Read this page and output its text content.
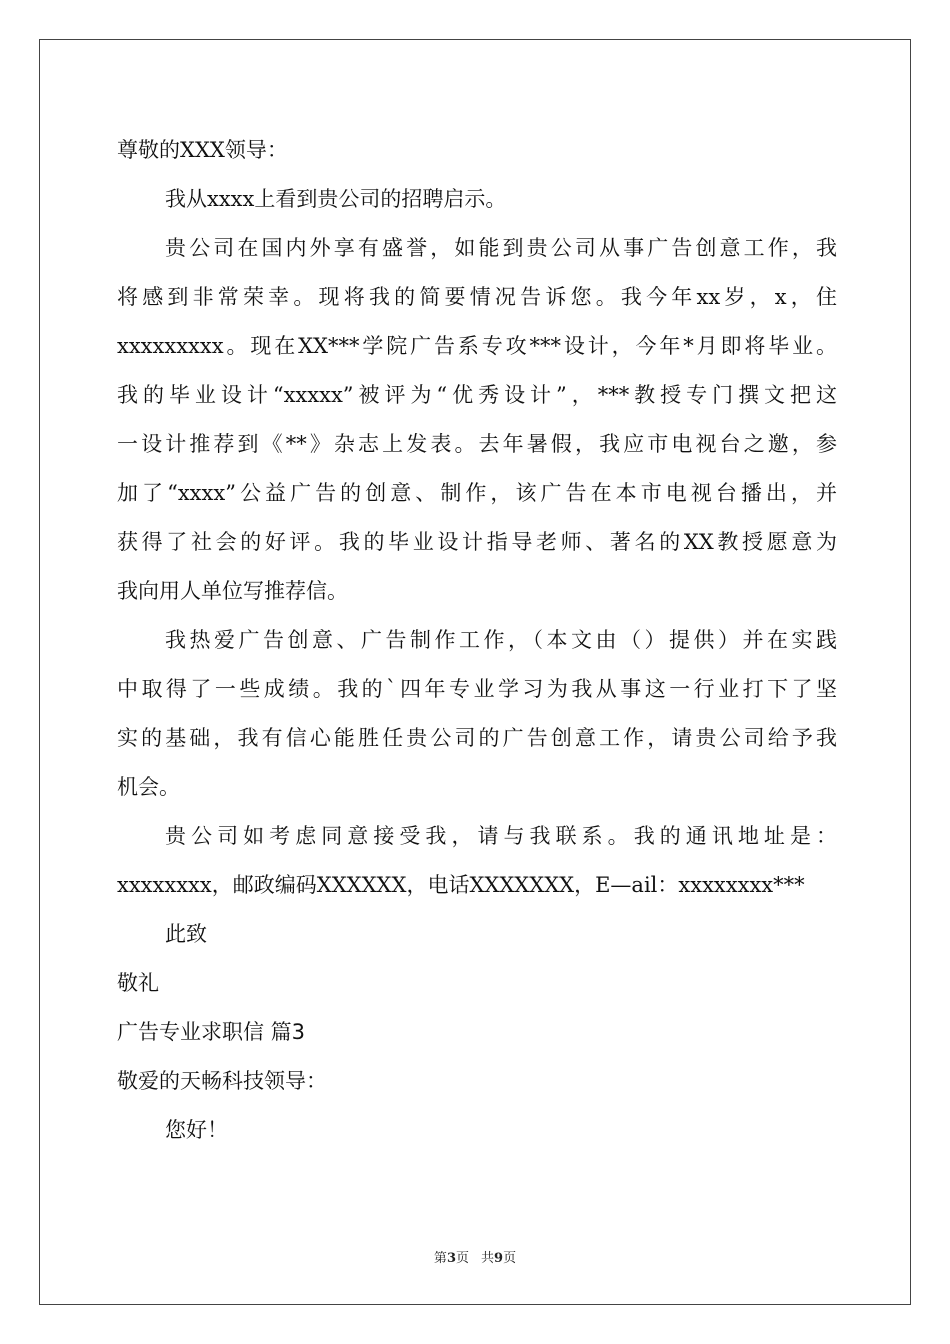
尊敬的XXX领导：
我从xxxx上看到贵公司的招聘启示。
贵公司在国内外享有盛誉，如能到贵公司从事广告创意工作，我
将感到非常荣幸。现将我的简要情况告诉您。我今年xx岁，x，住
xxxxxxxxx。现在XX***学院广告系专攻***设计，今年*月即将毕业。
我的毕业设计“xxxxx”被评为“优秀设计”，***教授专门撰文把这
一设计推荐到《**》杂志上发表。去年暑假，我应市电视台之邀，参
加了“xxxx”公益广告的创意、制作，该广告在本市电视台播出，并
获得了社会的好评。我的毕业设计指导老师、著名的XX教授愿意为
我向用人单位写推荐信。
我热爱广告创意、广告制作工作，（本文由（）提供）并在实践
中取得了一些成绩。我的`四年专业学习为我从事这一行业打下了坚
实的基础，我有信心能胜任贵公司的广告创意工作，请贵公司给予我
机会。
贵公司如考虑同意接受我，请与我联系。我的通讯地址是：
xxxxxxxx，邮政编码XXXXXX，电话XXXXXXX，E—ail：xxxxxxxx***
此致
敬礼
广告专业求职信 篇3
敬爱的天畅科技领导：
您好！
第3页 共9页
